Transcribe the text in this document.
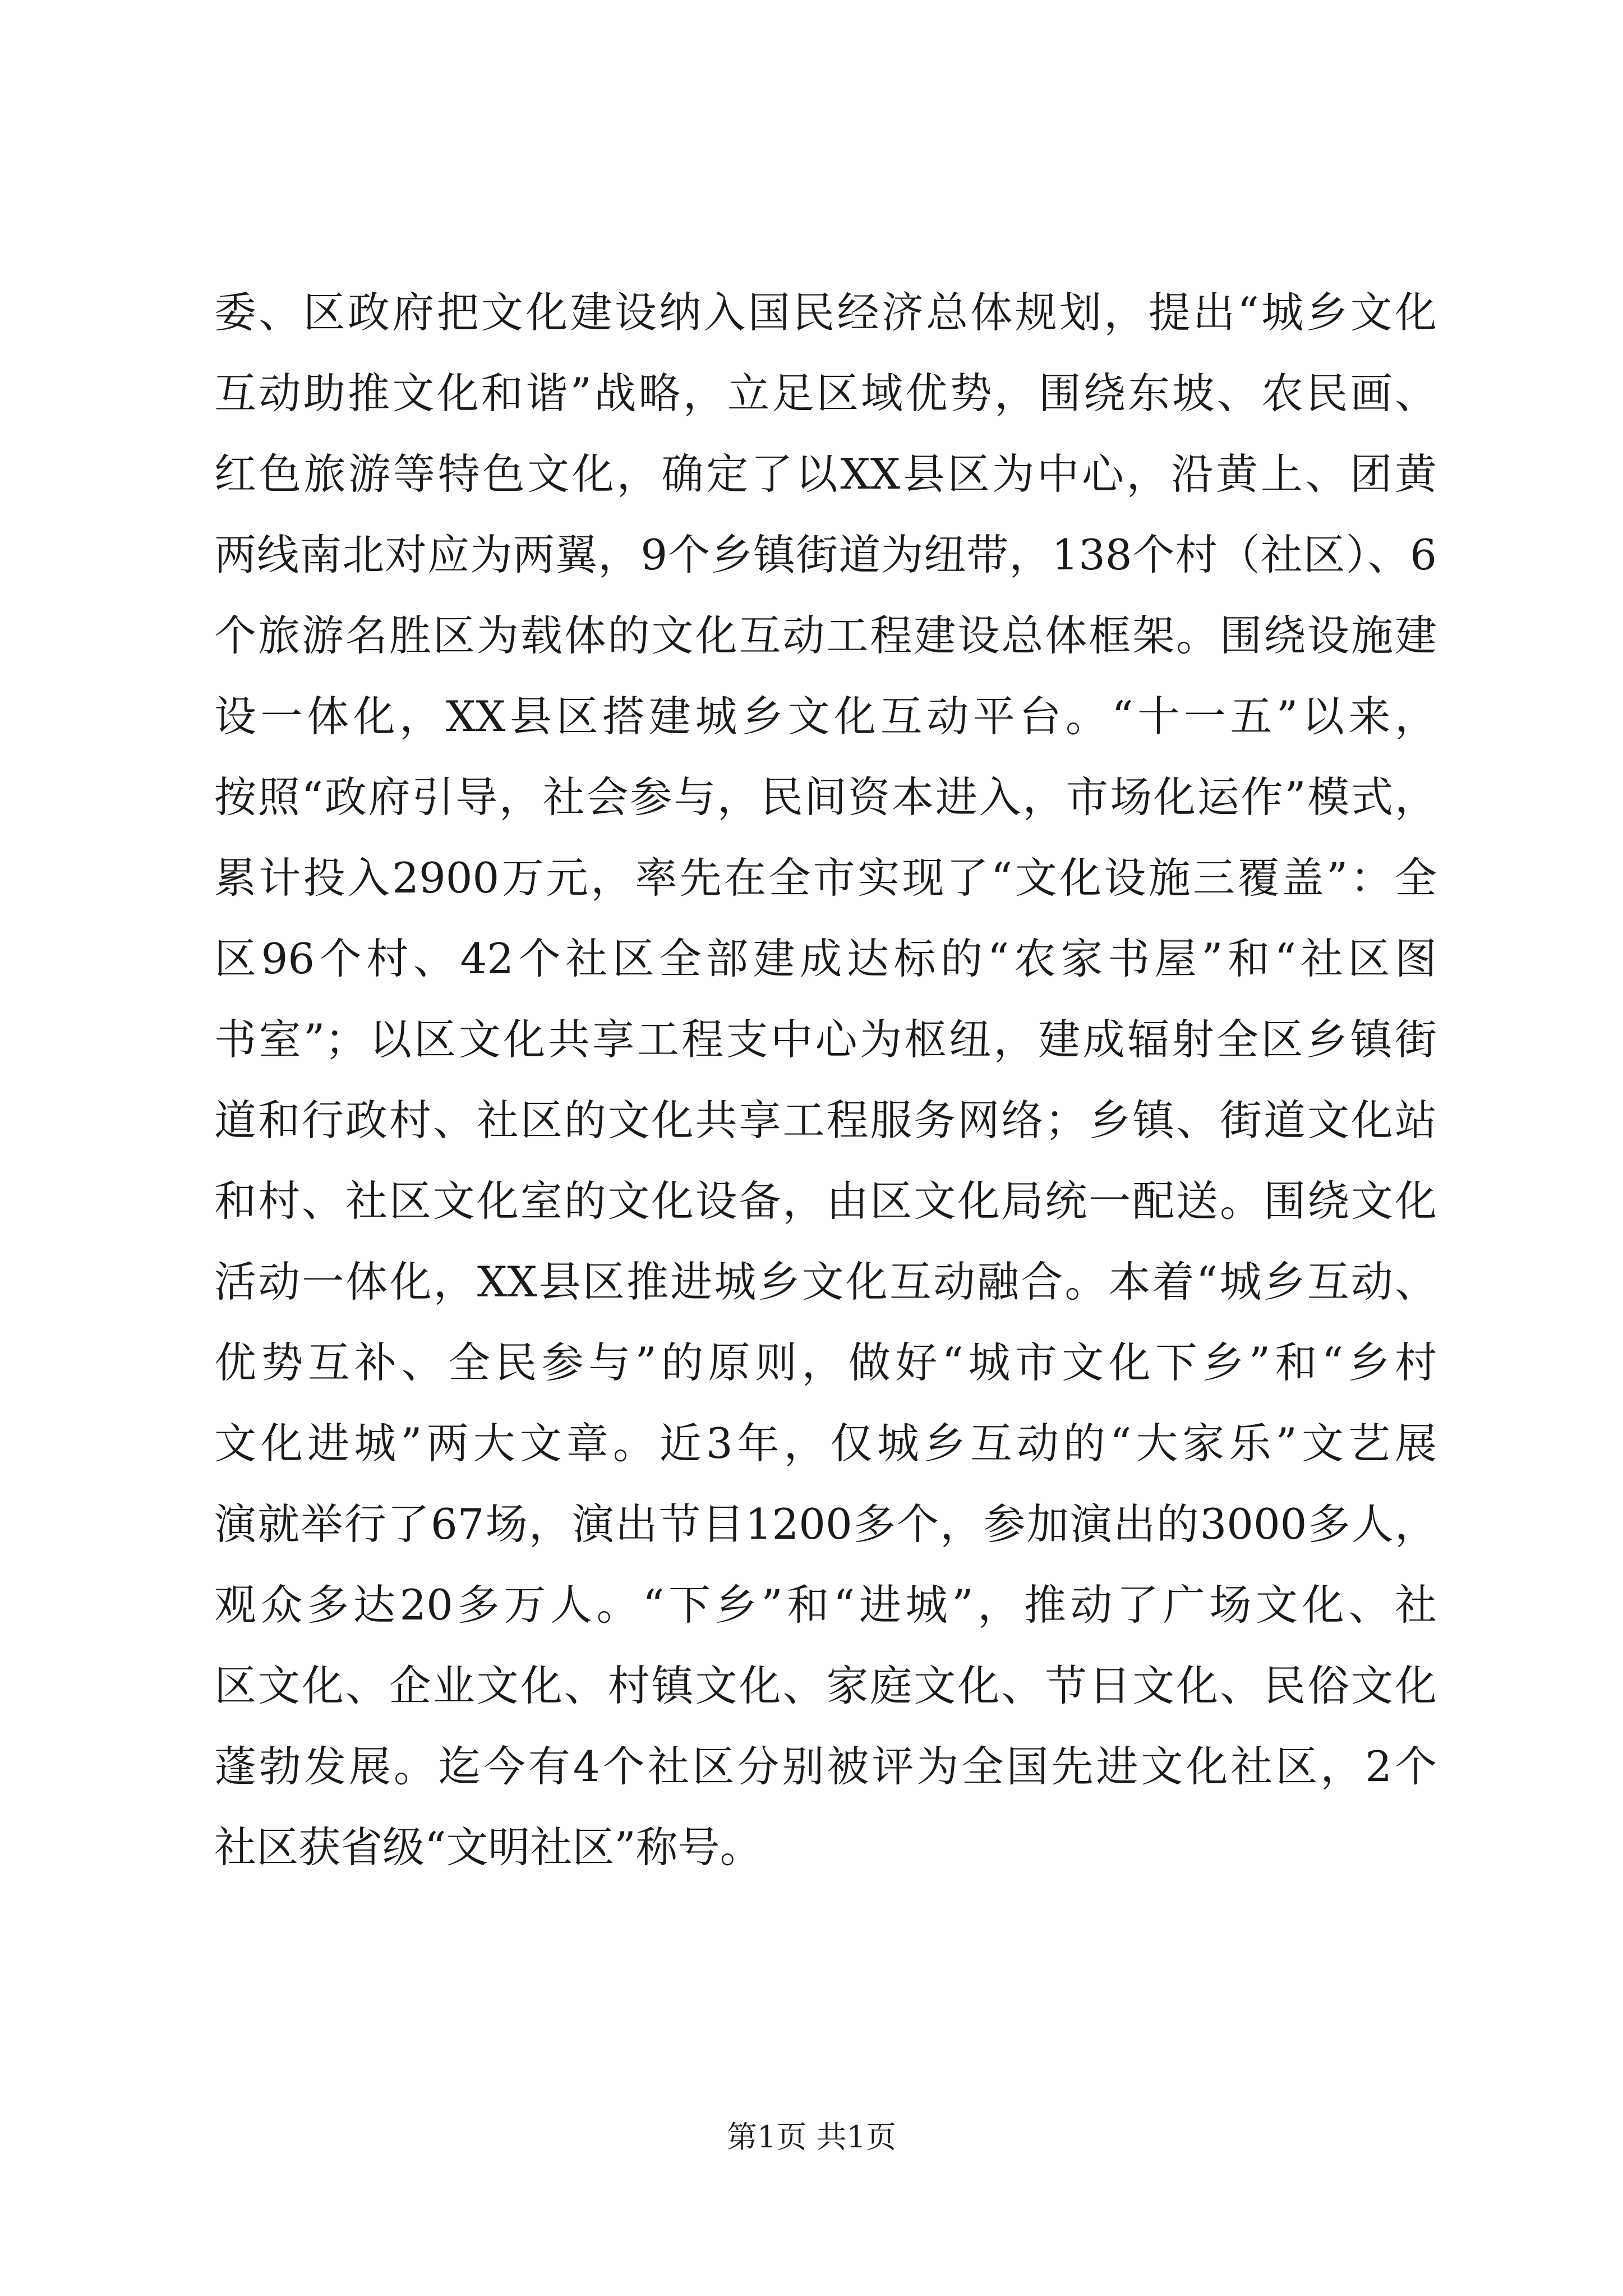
委、区政府把文化建设纳入国民经济总体规划，提出“城乡文化
互动助推文化和谐”战略，立足区域优势，围绕东坡、农民画、
红色旅游等特色文化，确定了以XX县区为中心，沿黄上、团黄
两线南北对应为两翼，9个乡镇街道为纽带，138个村（社区）、6
个旅游名胜区为载体的文化互动工程建设总体框架。围绕设施建
设一体化，XX县区搭建城乡文化互动平台。“十一五”以来，
按照“政府引导，社会参与，民间资本进入，市场化运作”模式，
累计投入2900万元，率先在全市实现了“文化设施三覆盖”：全
区96个村、42个社区全部建成达标的“农家书屋”和“社区图
书室”；以区文化共享工程支中心为枢纽，建成辐射全区乡镇街
道和行政村、社区的文化共享工程服务网络；乡镇、街道文化站
和村、社区文化室的文化设备，由区文化局统一配送。围绕文化
活动一体化，XX县区推进城乡文化互动融合。本着“城乡互动、
优势互补、全民参与”的原则，做好“城市文化下乡”和“乡村
文化进城”两大文章。近3年，仅城乡互动的“大家乐”文艺展
演就举行了67场，演出节目1200多个，参加演出的3000多人，
观众多达20多万人。“下乡”和“进城”，推动了广场文化、社
区文化、企业文化、村镇文化、家庭文化、节日文化、民俗文化
蓬勃发展。迄今有4个社区分别被评为全国先进文化社区，2个
社区获省级“文明社区”称号。
第1页 共1页
